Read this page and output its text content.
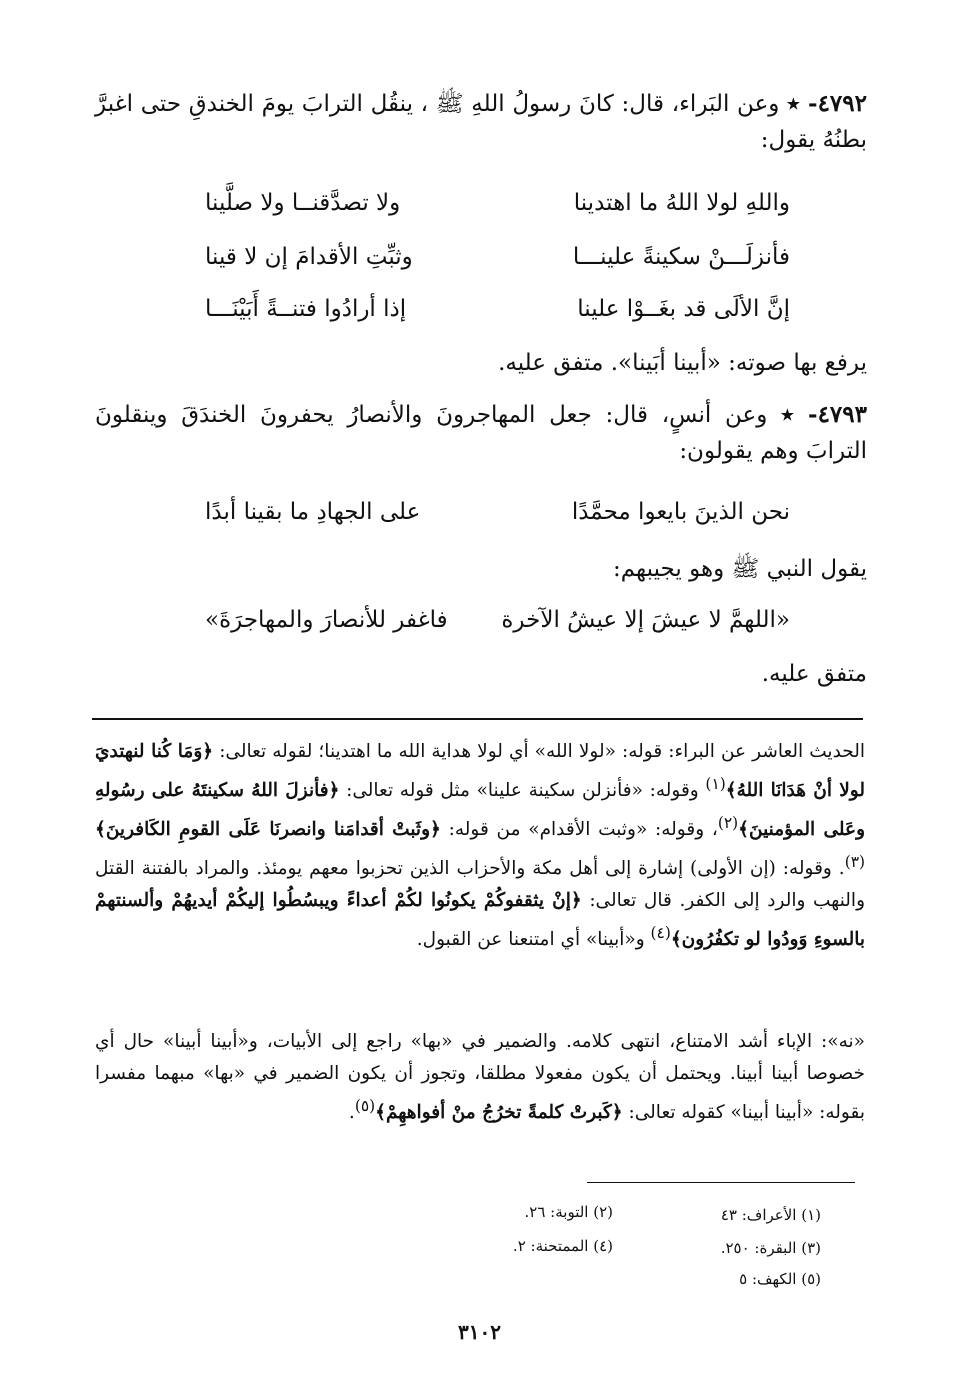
٤٧٩٢- ٭ وعن البَراء، قال: كانَ رسولُ اللهِ ﷺ ، ينقُل الترابَ يومَ الخندقِ حتى اغبرَّ بطنُهُ يقول:
واللهِ لولا اللهُ ما اهتدينا
ولا تصدَّقنــا ولا صلَّينا
فأنزلَـــنْ سكينةً علينـــا
وثبِّتِ الأقدامَ إن لا قينا
إنَّ الألَى قد بغَــوْا علينا
إذا أرادُوا فتنــةً أَبَيْنَـــا
يرفع بها صوته: «أبينا أبَينا». متفق عليه.
٤٧٩٣- ٭ وعن أنسٍ، قال: جعل المهاجرونَ والأنصارُ يحفرونَ الخندَقَ وينقلونَ الترابَ وهم يقولون:
نحن الذينَ بايعوا محمَّدًا
على الجهادِ ما بقينا أبدًا
يقول النبي ﷺ وهو يجيبهم:
«اللهمَّ لا عيشَ إلا عيشُ الآخرة
فاغفر للأنصارَ والمهاجرَةَ»
متفق عليه.
الحديث العاشر عن البراء: قوله: «لولا الله» أي لولا هداية الله ما اهتدينا؛ لقوله تعالى: ﴿وَمَا كُنا لنهتديَ لولا أنْ هَدَانَا اللهُ﴾$^{(١)}$ وقوله: «فأنزلن سكينة علينا» مثل قوله تعالى: ﴿فأنزلَ اللهُ سكينتَهُ على رسُولهِ وعَلى المؤمنينَ﴾$^{(٢)}$، وقوله: «وثبت الأقدام» من قوله: ﴿وثَبتْ أقدامَنا وانصرنَا عَلَى القومِ الكَافرينَ﴾$^{(٣)}$. وقوله: (إن الأولى) إشارة إلى أهل مكة والأحزاب الذين تحزبوا معهم يومئذ. والمراد بالفتنة القتل والنهب والرد إلى الكفر. قال تعالى: ﴿إنْ يثقفوكُمْ يكونُوا لكُمْ أعداءً ويبسُطُوا إليكُمْ أيديهُمْ وألسنتهمْ بالسوءِ وَودُوا لو تكفُرُون﴾$^{(٤)}$ و«أبينا» أي امتنعنا عن القبول.
«نه»: الإباء أشد الامتناع، انتهى كلامه. والضمير في «بها» راجع إلى الأبيات، و«أبينا أبينا» حال أي خصوصا أبينا أبينا. ويحتمل أن يكون مفعولا مطلقا، وتجوز أن يكون الضمير في «بها» مبهما مفسرا بقوله: «أبينا أبينا» كقوله تعالى: ﴿كَبرتْ كلمةً تخرُجُ منْ أفواههِمْ﴾$^{(٥)}$.
(١) الأعراف: ٤٣
(٢) التوبة: ٢٦.
(٣) البقرة: ٢٥٠.
(٤) الممتحنة: ٢.
(٥) الكهف: ٥
٣١٠٢
